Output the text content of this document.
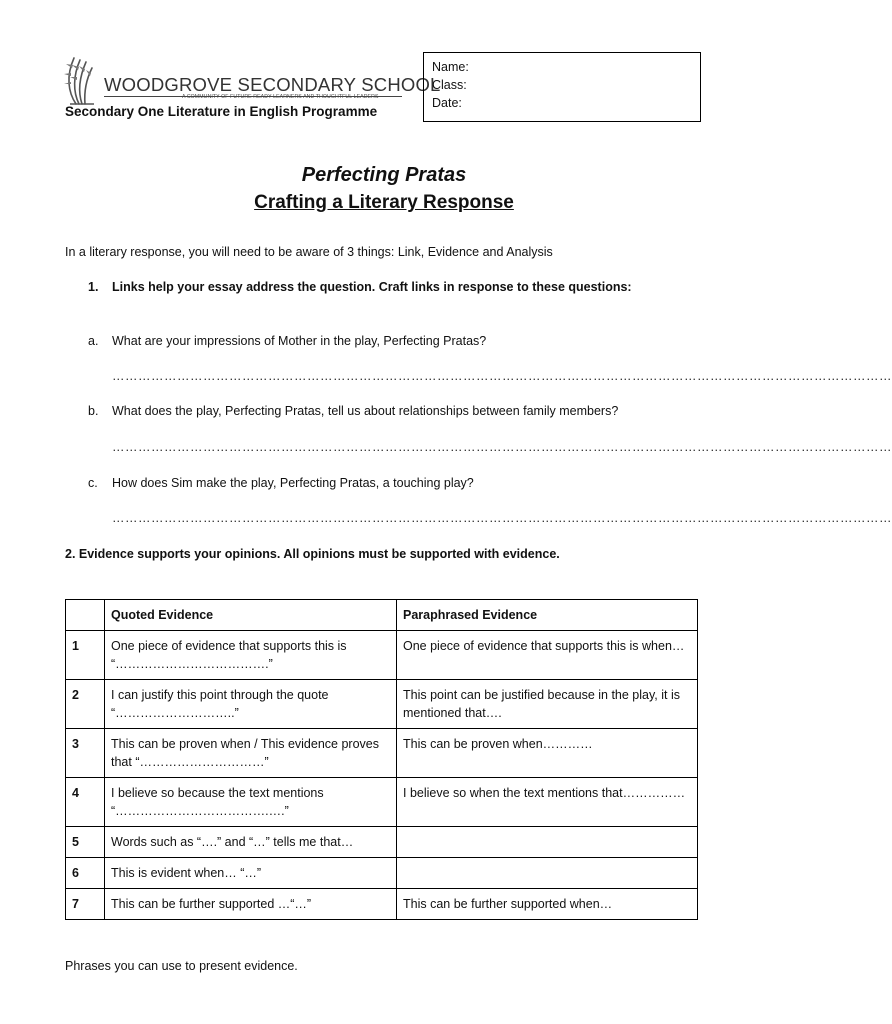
WOODGROVE SECONDARY SCHOOL
A COMMUNITY OF FUTURE READY LEARNERS AND THOUGHTFUL LEADERS
Secondary One Literature in English Programme
Name:
Class:
Date:
Perfecting Pratas
Crafting a Literary Response
In a literary response, you will need to be aware of 3 things: Link, Evidence and Analysis
1. Links help your essay address the question. Craft links in response to these questions:
a. What are your impressions of Mother in the play, Perfecting Pratas?
………………………………………………………………………………………………………………………………………………………………
b. What does the play, Perfecting Pratas, tell us about relationships between family members?
………………………………………………………………………………………………………………………………………………………………
c. How does Sim make the play, Perfecting Pratas, a touching play?
………………………………………………………………………………………………………………………………………………………………
2. Evidence supports your opinions. All opinions must be supported with evidence.
	Quoted Evidence	Paraphrased Evidence
1	One piece of evidence that supports this is “……………………………….”	One piece of evidence that supports this is when…
2	I can justify this point through the quote “………………………..”	This point can be justified because in the play, it is mentioned that….
3	This can be proven when / This evidence proves that “…………………………”	This can be proven when…………
4	I believe so because the text mentions “……………………………….….”	I believe so when the text mentions that……………
5	Words such as “….” and “…” tells me that…	
6	This is evident when… “…”	
7	This can be further supported …“…”	This can be further supported when…
Phrases you can use to present evidence.
